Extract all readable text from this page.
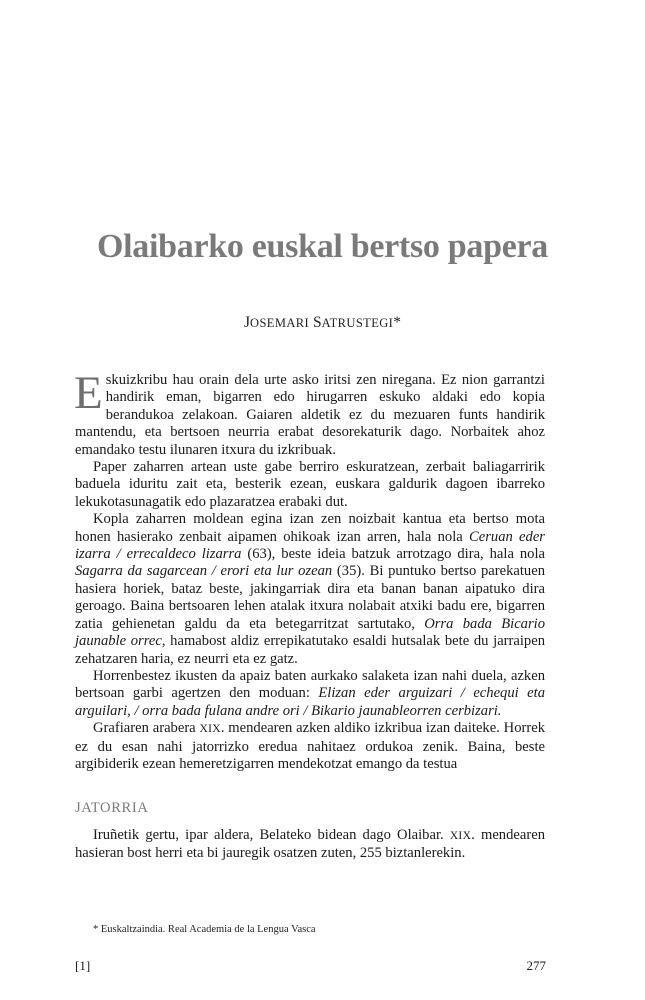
Olaibarko euskal bertso papera
JOSEMARI SATRUSTEGI*

Eskuizkribu hau orain dela urte asko iritsi zen niregana. Ez nion garrantzi handirik eman, bigarren edo hirugarren eskuko aldaki edo kopia berandukoa zelakoan. Gaiaren aldetik ez du mezuaren funts handirik mantendu, eta bertsoen neurria erabat desorekaturik dago. Norbaitek ahoz emandako testu ilunaren itxura du izkribuak.

Paper zaharren artean uste gabe berriro eskuratzean, zerbait baliagarririk baduela iduritu zait eta, besterik ezean, euskara galdurik dagoen ibarreko lekukotasunagatik edo plazaratzea erabaki dut.

Kopla zaharren moldean egina izan zen noizbait kantua eta bertso mota honen hasierako zenbait aipamen ohikoak izan arren, hala nola Ceruan eder izarra / errecaldeco lizarra (63), beste ideia batzuk arrotzago dira, hala nola Sagarra da sagarcean / erori eta lur ozean (35). Bi puntuko bertso parekatuen hasiera horiek, bataz beste, jakingarriak dira eta banan banan aipatuko dira geroago. Baina bertsoaren lehen atalak itxura nolabait atxiki badu ere, bigarren zatia gehienetan galdu da eta betegarritzat sartutako, Orra bada Bicario jaunable orrec, hamabost aldiz errepikatutako esaldi hutsalak bete du jarraipen zehatzaren haria, ez neurri eta ez gatz.

Horrenbestez ikusten da apaiz baten aurkako salaketa izan nahi duela, azken bertsoan garbi agertzen den moduan: Elizan eder arguizari / echequi eta arguilari, / orra bada fulana andre ori / Bikario jaunableorren cerbizari.

Grafiaren arabera XIX. mendearen azken aldiko izkribua izan daiteke. Horrek ez du esan nahi jatorrizko eredua nahitaez ordukoa zenik. Baina, beste argibiderik ezean hemeretzigarren mendekotzat emango da testua

JATORRIA

Iruñetik gertu, ipar aldera, Belateko bidean dago Olaibar. XIX. mendearen hasieran bost herri eta bi jauregik osatzen zuten, 255 biztanlerekin.

* Euskaltzaindia. Real Academia de la Lengua Vasca
[1]	277
